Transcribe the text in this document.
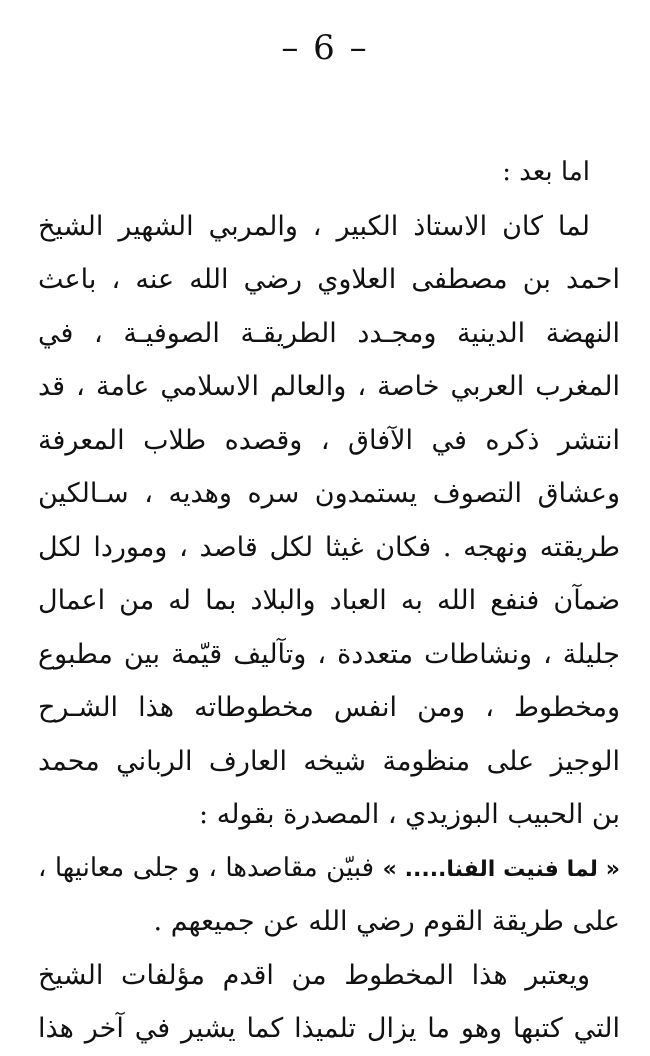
– 6 –
اما بعد :
لما كان الاستاذ الكبير ، والمربي الشهير الشيخ
احمد بن مصطفى العلاوي رضي الله عنه ، باعث
النهضة الدينية ومجـدد الطريقـة الصوفيـة ، في
المغرب العربي خاصة ، والعالم الاسلامي عامة ، قد
انتشر ذكره في الآفاق ، وقصده طلاب المعرفة
وعشاق التصوف يستمدون سره وهديه ، سـالكين
طريقته ونهجه . فكان غيثا لكل قاصد ، وموردا لكل
ضمآن فنفع الله به العباد والبلاد بما له من اعمال
جليلة ، ونشاطات متعددة ، وتآليف قيّمة بين مطبوع
ومخطوط ، ومن انفس مخطوطاته هذا الشـرح
الوجيز على منظومة شيخه العارف الرباني محمد
بن الحبيب البوزيدي ، المصدرة بقوله :
« لما فنيت الفنا..... » فبيّن مقاصدها ، و جلى معانيها ،
على طريقة القوم رضي الله عن جميعهم .
ويعتبر هذا المخطوط من اقدم مؤلفات الشيخ
التي كتبها وهو ما يزال تلميذا كما يشير في آخر هذا
